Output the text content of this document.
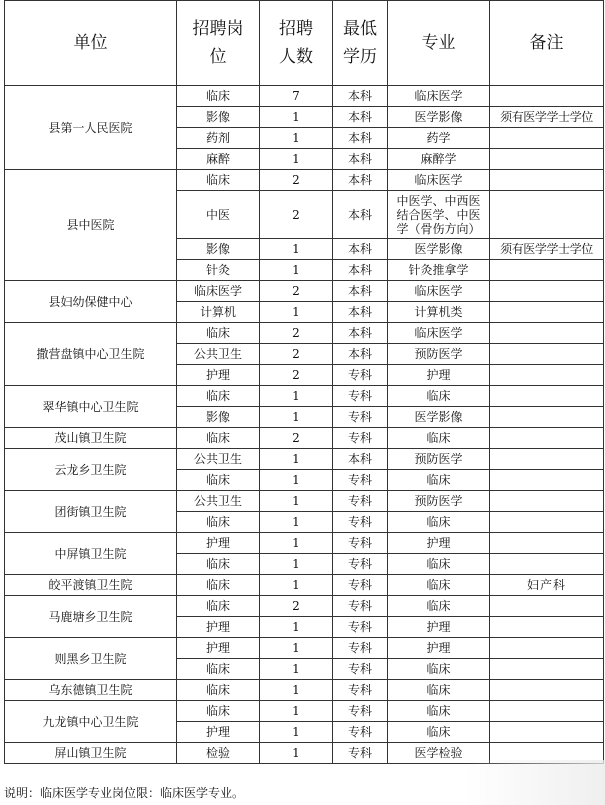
单位	招聘岗位	招聘人数	最低学历	专业	备注
县第一人民医院	临床	7	本科	临床医学	
	影像	1	本科	医学影像	须有医学学士学位
	药剂	1	本科	药学	
	麻醉	1	本科	麻醉学	
县中医院	临床	2	本科	临床医学	
	中医	2	本科	中医学、中西医结合医学、中医学（骨伤方向）	
	影像	1	本科	医学影像	须有医学学士学位
	针灸	1	本科	针灸推拿学	
县妇幼保健中心	临床医学	2	本科	临床医学	
	计算机	1	本科	计算机类	
撒营盘镇中心卫生院	临床	2	本科	临床医学	
	公共卫生	2	本科	预防医学	
	护理	2	专科	护理	
翠华镇中心卫生院	临床	1	专科	临床	
	影像	1	专科	医学影像	
茂山镇卫生院	临床	2	专科	临床	
云龙乡卫生院	公共卫生	1	本科	预防医学	
	临床	1	专科	临床	
团街镇卫生院	公共卫生	1	专科	预防医学	
	临床	1	专科	临床	
中屏镇卫生院	护理	1	专科	护理	
	临床	1	专科	临床	
皎平渡镇卫生院	临床	1	专科	临床	妇产科
马鹿塘乡卫生院	临床	2	专科	临床	
	护理	1	专科	护理	
则黑乡卫生院	护理	1	专科	护理	
	临床	1	专科	临床	
乌东德镇卫生院	临床	1	专科	临床	
九龙镇中心卫生院	临床	1	专科	临床	
	护理	1	专科	临床	
屏山镇卫生院	检验	1	专科	医学检验	
说明：临床医学专业岗位限：临床医学专业。
